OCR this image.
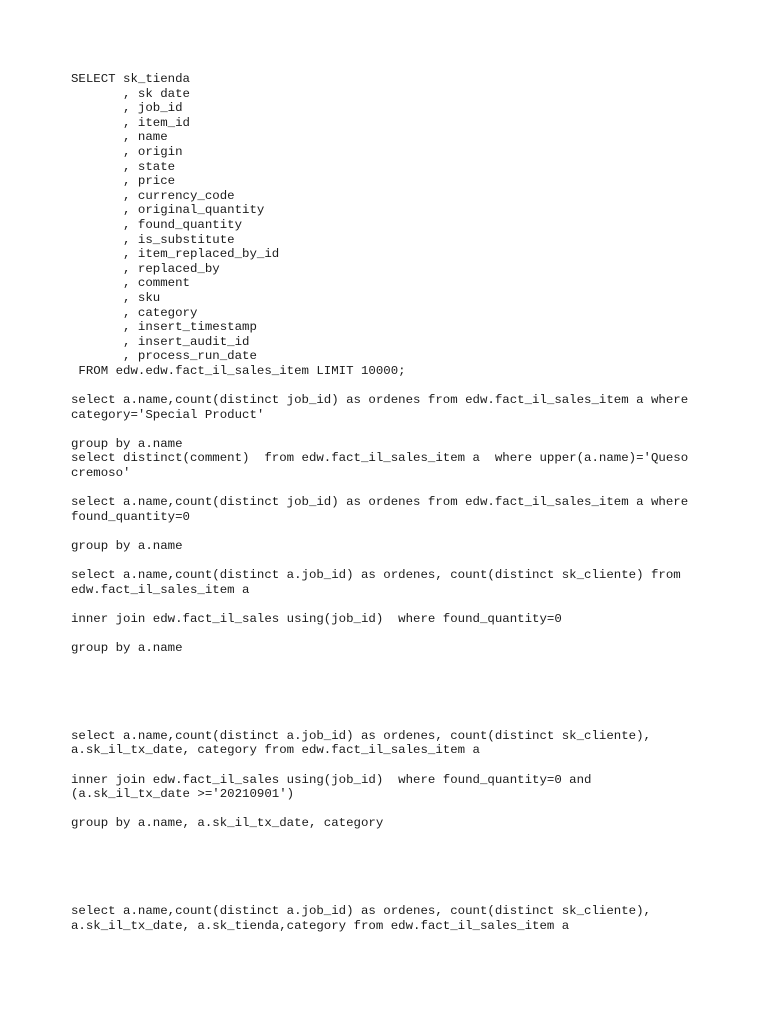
SELECT sk_tienda
, sk date
, job_id
, item_id
, name
, origin
, state
, price
, currency_code
, original_quantity
, found_quantity
, is_substitute
, item_replaced_by_id
, replaced_by
, comment
, sku
, category
, insert_timestamp
, insert_audit_id
, process_run_date
FROM edw.edw.fact_il_sales_item LIMIT 10000;
select a.name,count(distinct job_id) as ordenes from edw.fact_il_sales_item a where
category='Special Product'
group by a.name
select distinct(comment)  from edw.fact_il_sales_item a  where upper(a.name)='Queso
cremoso'
select a.name,count(distinct job_id) as ordenes from edw.fact_il_sales_item a where
found_quantity=0
group by a.name
select a.name,count(distinct a.job_id) as ordenes, count(distinct sk_cliente) from
edw.fact_il_sales_item a
inner join edw.fact_il_sales using(job_id)  where found_quantity=0
group by a.name
select a.name,count(distinct a.job_id) as ordenes, count(distinct sk_cliente),
a.sk_il_tx_date, category from edw.fact_il_sales_item a
inner join edw.fact_il_sales using(job_id)  where found_quantity=0 and
(a.sk_il_tx_date >='20210901')
group by a.name, a.sk_il_tx_date, category
select a.name,count(distinct a.job_id) as ordenes, count(distinct sk_cliente),
a.sk_il_tx_date, a.sk_tienda,category from edw.fact_il_sales_item a
